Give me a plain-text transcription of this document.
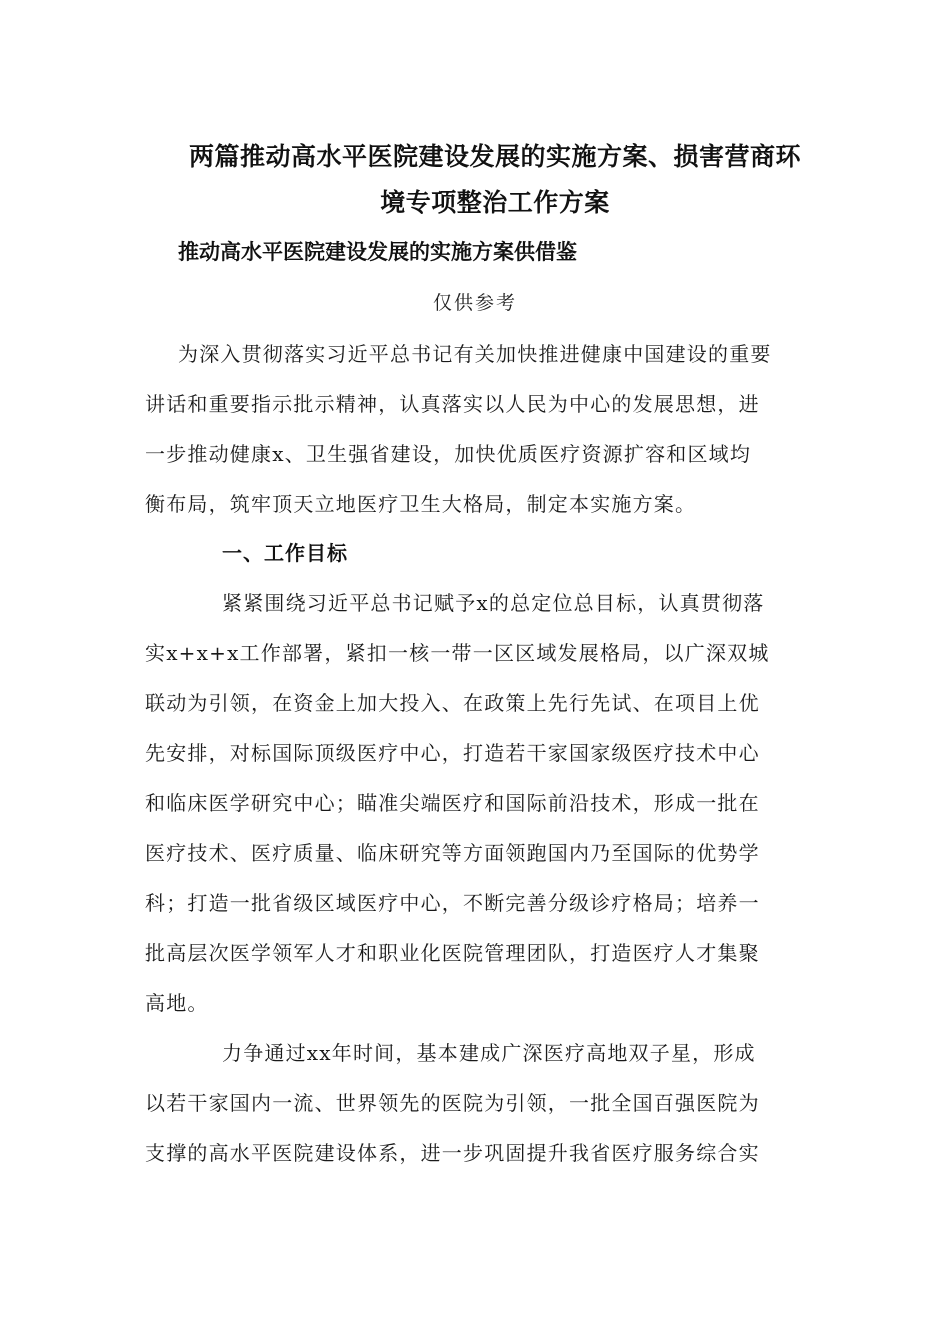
两篇推动高水平医院建设发展的实施方案、损害营商环
境专项整治工作方案
推动高水平医院建设发展的实施方案供借鉴
仅供参考
为深入贯彻落实习近平总书记有关加快推进健康中国建设的重要
讲话和重要指示批示精神，认真落实以人民为中心的发展思想，进
一步推动健康x、卫生强省建设，加快优质医疗资源扩容和区域均
衡布局，筑牢顶天立地医疗卫生大格局，制定本实施方案。
一、工作目标
紧紧围绕习近平总书记赋予x的总定位总目标，认真贯彻落
实x+x+x工作部署，紧扣一核一带一区区域发展格局，以广深双城
联动为引领，在资金上加大投入、在政策上先行先试、在项目上优
先安排，对标国际顶级医疗中心，打造若干家国家级医疗技术中心
和临床医学研究中心；瞄准尖端医疗和国际前沿技术，形成一批在
医疗技术、医疗质量、临床研究等方面领跑国内乃至国际的优势学
科；打造一批省级区域医疗中心，不断完善分级诊疗格局；培养一
批高层次医学领军人才和职业化医院管理团队，打造医疗人才集聚
高地。
力争通过xx年时间，基本建成广深医疗高地双子星，形成
以若干家国内一流、世界领先的医院为引领，一批全国百强医院为
支撑的高水平医院建设体系，进一步巩固提升我省医疗服务综合实
